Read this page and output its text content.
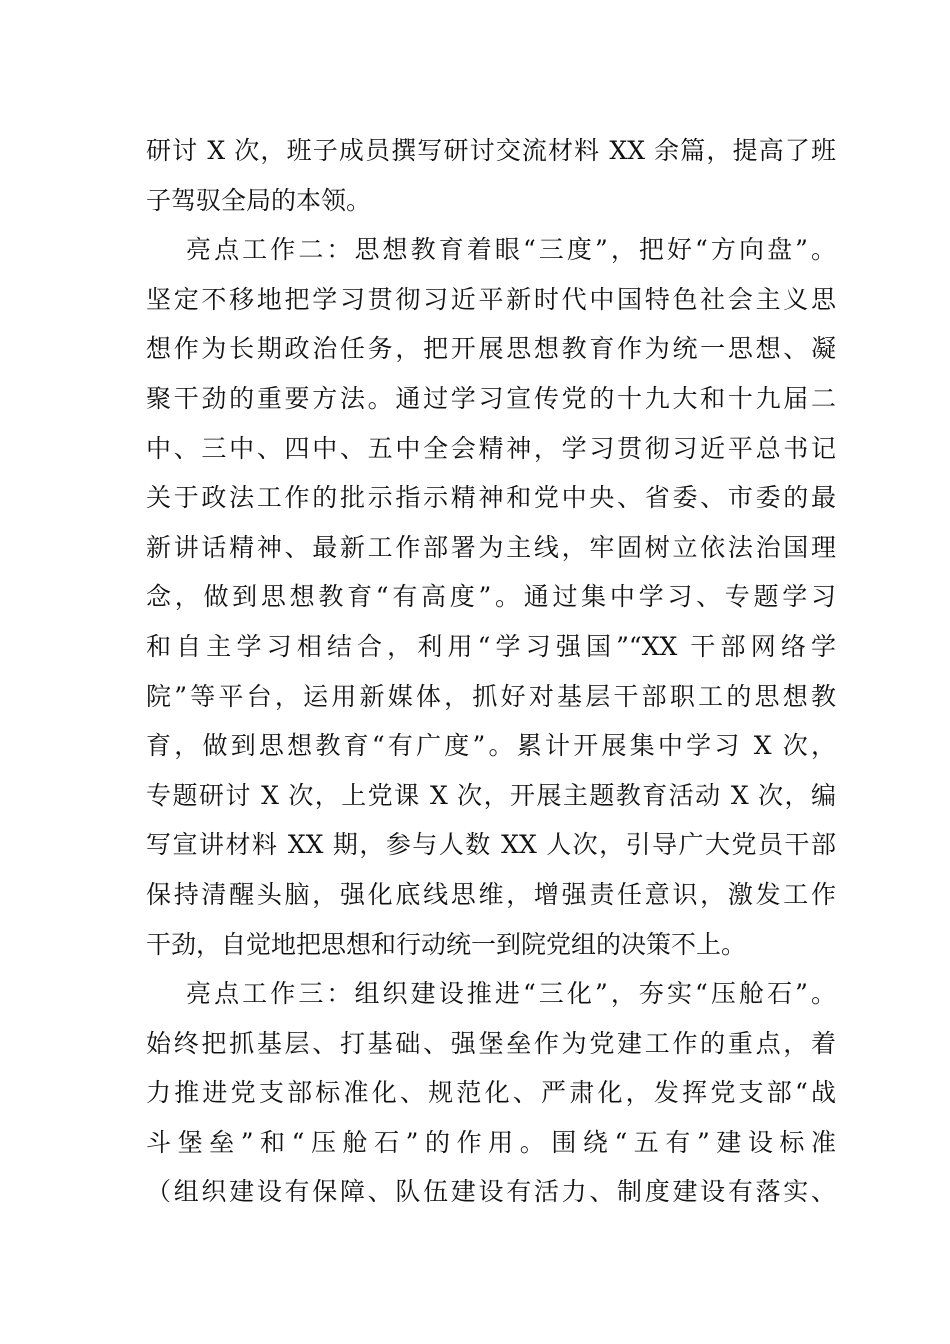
研讨 X 次，班子成员撰写研讨交流材料 XX 余篇，提高了班
子驾驭全局的本领。
亮点工作二：思想教育着眼“三度”，把好“方向盘”。
坚定不移地把学习贯彻习近平新时代中国特色社会主义思
想作为长期政治任务，把开展思想教育作为统一思想、凝
聚干劲的重要方法。通过学习宣传党的十九大和十九届二
中、三中、四中、五中全会精神，学习贯彻习近平总书记
关于政法工作的批示指示精神和党中央、省委、市委的最
新讲话精神、最新工作部署为主线，牢固树立依法治国理
念，做到思想教育“有高度”。通过集中学习、专题学习
和自主学习相结合，利用“学习强国”“XX 干部网络学
院”等平台，运用新媒体，抓好对基层干部职工的思想教
育，做到思想教育“有广度”。累计开展集中学习 X 次，
专题研讨 X 次，上党课 X 次，开展主题教育活动 X 次，编
写宣讲材料 XX 期，参与人数 XX 人次，引导广大党员干部
保持清醒头脑，强化底线思维，增强责任意识，激发工作
干劲，自觉地把思想和行动统一到院党组的决策不上。
亮点工作三：组织建设推进“三化”，夯实“压舱石”。
始终把抓基层、打基础、强堡垒作为党建工作的重点，着
力推进党支部标准化、规范化、严肃化，发挥党支部“战
斗堡垒”和“压舱石”的作用。围绕“五有”建设标准
（组织建设有保障、队伍建设有活力、制度建设有落实、
